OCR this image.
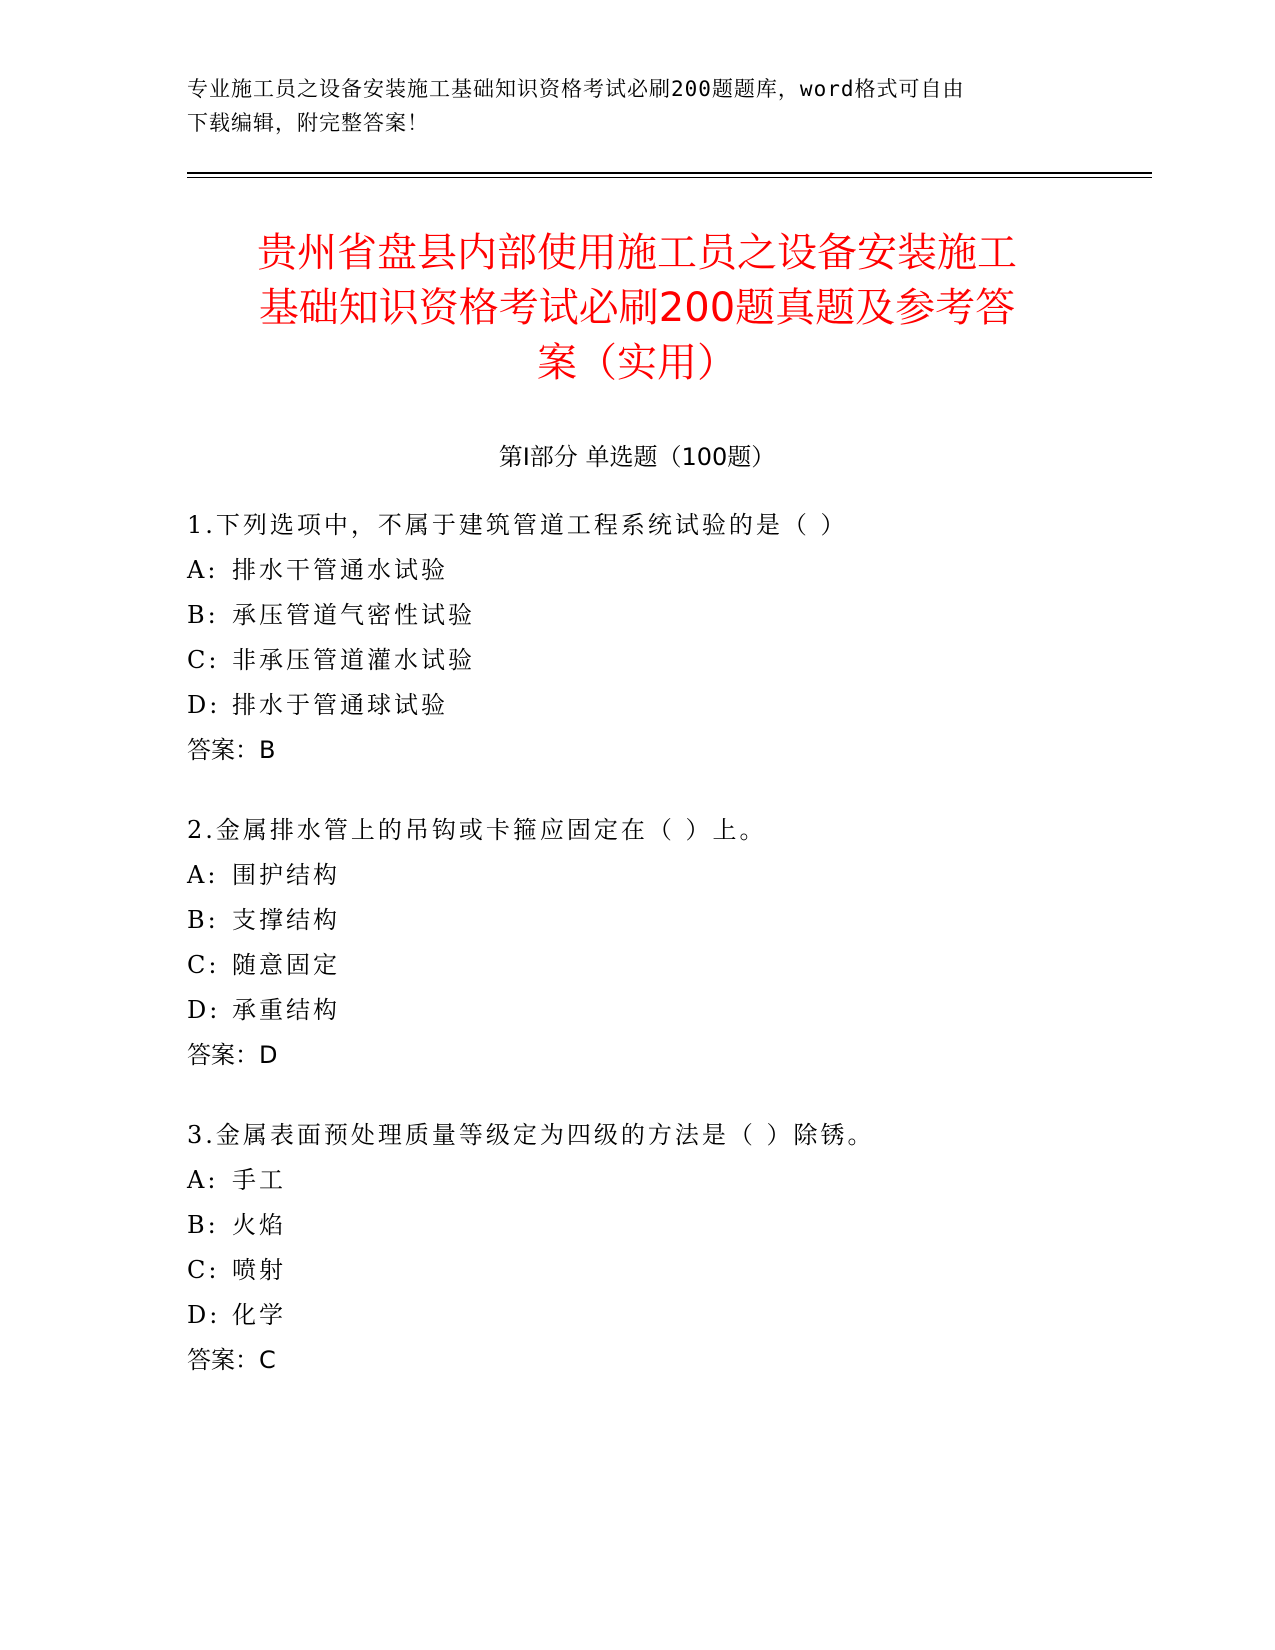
专业施工员之设备安装施工基础知识资格考试必刷200题题库，word格式可自由
下载编辑，附完整答案！
贵州省盘县内部使用施工员之设备安装施工
基础知识资格考试必刷200题真题及参考答
案（实用）
第Ⅰ部分 单选题（100题）
1.下列选项中，不属于建筑管道工程系统试验的是（ ）
A: 排水干管通水试验
B: 承压管道气密性试验
C: 非承压管道灌水试验
D: 排水于管通球试验
答案：B
2.金属排水管上的吊钩或卡箍应固定在（ ）上。
A: 围护结构
B: 支撑结构
C: 随意固定
D: 承重结构
答案：D
3.金属表面预处理质量等级定为四级的方法是（ ）除锈。
A: 手工
B: 火焰
C: 喷射
D: 化学
答案：C
